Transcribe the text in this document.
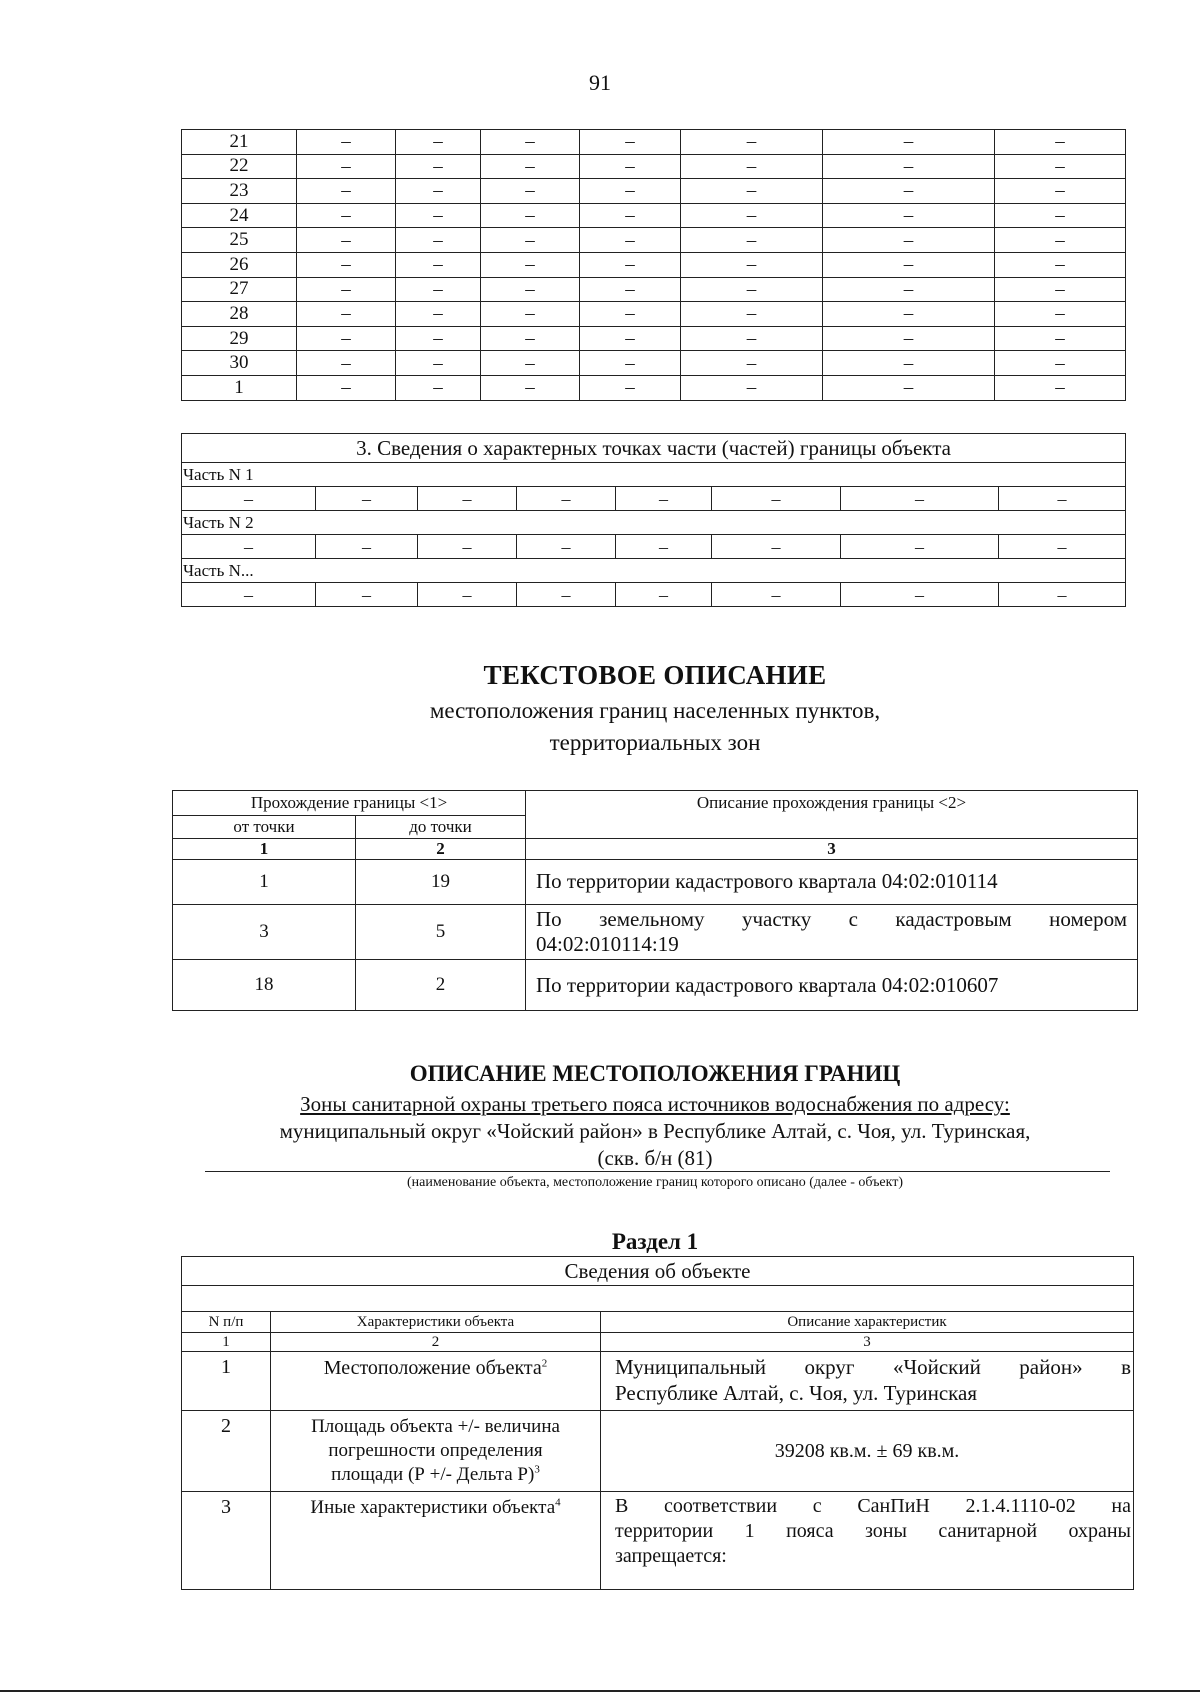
91
21	–	–	–	–	–	–	–
22	–	–	–	–	–	–	–
23	–	–	–	–	–	–	–
24	–	–	–	–	–	–	–
25	–	–	–	–	–	–	–
26	–	–	–	–	–	–	–
27	–	–	–	–	–	–	–
28	–	–	–	–	–	–	–
29	–	–	–	–	–	–	–
30	–	–	–	–	–	–	–
1	–	–	–	–	–	–	–
3. Сведения о характерных точках части (частей) границы объекта							
Часть N 1							
–	–	–	–	–	–	–	–
Часть N 2							
–	–	–	–	–	–	–	–
Часть N...							
–	–	–	–	–	–	–	–
ТЕКСТОВОЕ ОПИСАНИЕ
местоположения границ населенных пунктов,
территориальных зон
Прохождение границы <1>		Описание прохождения границы <2>
от точки	до точки	
1	2	3
1	19	По территории кадастрового квартала 04:02:010114
3	5	По земельному участку с кадастровым номером
04:02:010114:19

18	2	По территории кадастрового квартала 04:02:010607
ОПИСАНИЕ МЕСТОПОЛОЖЕНИЯ ГРАНИЦ
Зоны санитарной охраны третьего пояса источников водоснабжения по адресу:
муниципальный округ «Чойский район» в Республике Алтай, с. Чоя, ул. Туринская,
(скв. б/н (81)
(наименование объекта, местоположение границ которого описано (далее - объект)
Раздел 1
Сведения об объекте		

N п/п	Характеристики объекта	Описание характеристик
1	2	3
1	Местоположение объекта$^2$	Муниципальный округ «Чойский район» в
Республике Алтай, с. Чоя, ул. Туринская

2	Площадь объекта +/- величина
погрешности определения
площади (Р +/- Дельта Р)$^3$	39208 кв.м. ± 69 кв.м.
3	Иные характеристики объекта$^4$	В соответствии с СанПиН 2.1.4.1110-02 на
территории 1 пояса зоны санитарной охраны
запрещается:
